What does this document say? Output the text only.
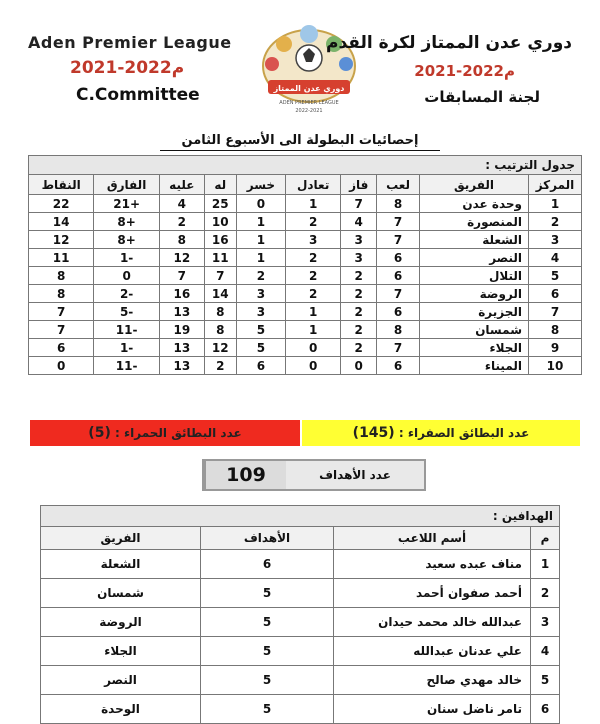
Aden Premier League
2021-2022م
C.Committee	دوري عدن الممتاز
ADEN PREMIER LEAGUE
2022-2021
دوري عدن الممتاز لكرة القدم
2021-2022م
لجنة المسابقات
إحصائيات البطولة الى الأسبوع الثامن
جدول الترتيب :									
المركز	الفريق	لعب	فاز	تعادل	خسر	له	عليه	الفارق	النقاط
1	وحدة عدن	8	7	1	0	25	4	+21	22
2	المنصورة	7	4	2	1	10	2	+8	14
3	الشعلة	7	3	3	1	16	8	+8	12
4	النصر	6	3	2	1	11	12	-1	11
5	التلال	6	2	2	2	7	7	0	8
6	الروضة	7	2	2	3	14	16	-2	8
7	الجزيرة	6	2	1	3	8	13	-5	7
8	شمسان	8	2	1	5	8	19	-11	7
9	الجلاء	7	2	0	5	12	13	-1	6
10	الميناء	6	0	0	6	2	13	-11	0
عدد البطائق الصفراء : (145)
عدد البطائق الحمراء : (5)
109	عدد الأهداف
الهدافين :			
م	أسم اللاعب	الأهداف	الفريق
1	مناف عبده سعيد	6	الشعلة
2	أحمد صفوان أحمد	5	شمسان
3	عبدالله خالد محمد حيدان	5	الروضة
4	علي عدنان عبدالله	5	الجلاء
5	خالد مهدي صالح	5	النصر
6	تامر ناضل سنان	5	الوحدة
